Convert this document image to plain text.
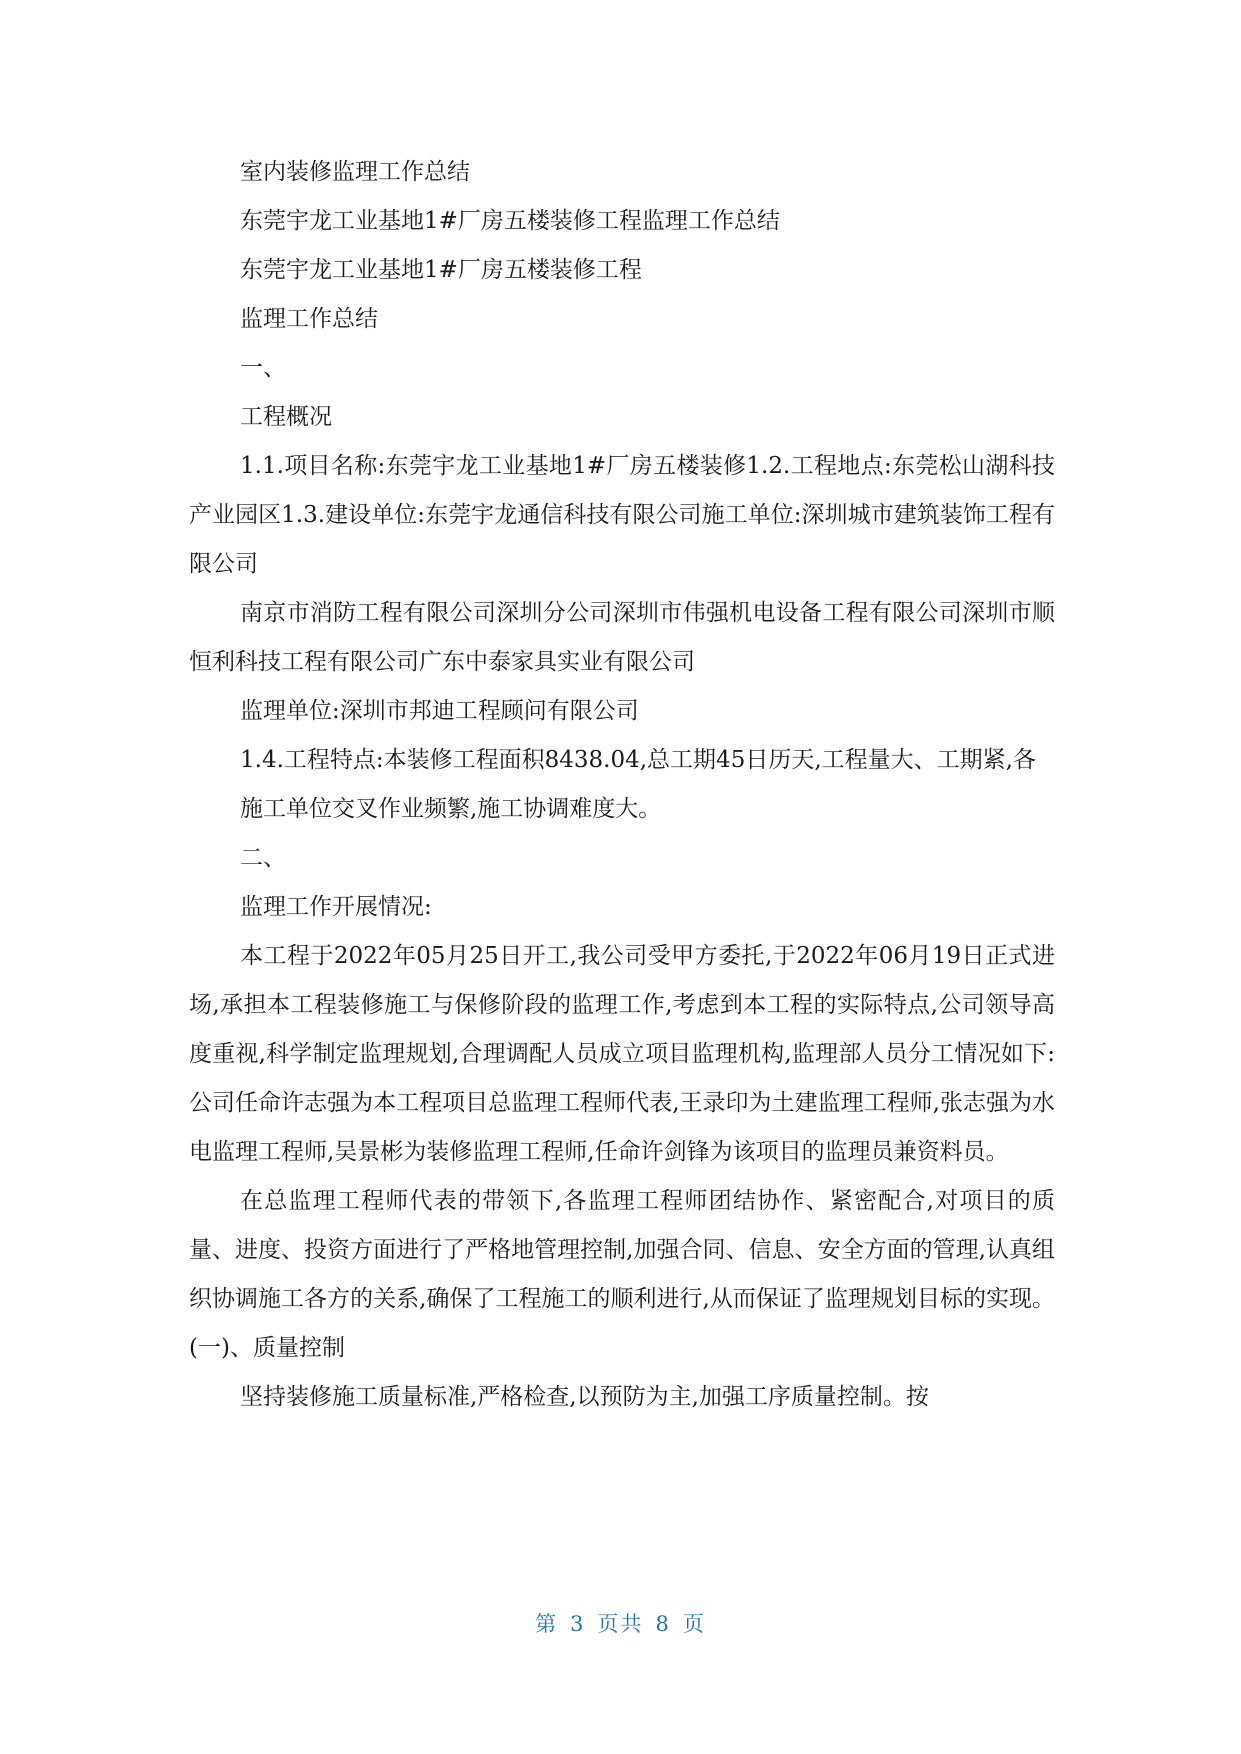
室内装修监理工作总结

东莞宇龙工业基地1#厂房五楼装修工程监理工作总结

东莞宇龙工业基地1#厂房五楼装修工程

监理工作总结

一、

工程概况

1.1.项目名称:东莞宇龙工业基地1#厂房五楼装修1.2.工程地点:东莞松山湖科技产业园区1.3.建设单位:东莞宇龙通信科技有限公司施工单位:深圳城市建筑装饰工程有限公司

南京市消防工程有限公司深圳分公司深圳市伟强机电设备工程有限公司深圳市顺恒利科技工程有限公司广东中泰家具实业有限公司

监理单位:深圳市邦迪工程顾问有限公司

1.4.工程特点:本装修工程面积8438.04,总工期45日历天,工程量大、工期紧,各

施工单位交叉作业频繁,施工协调难度大。

二、

监理工作开展情况:

本工程于2022年05月25日开工,我公司受甲方委托,于2022年06月19日正式进场,承担本工程装修施工与保修阶段的监理工作,考虑到本工程的实际特点,公司领导高度重视,科学制定监理规划,合理调配人员成立项目监理机构,监理部人员分工情况如下:公司任命许志强为本工程项目总监理工程师代表,王录印为土建监理工程师,张志强为水电监理工程师,吴景彬为装修监理工程师,任命许剑锋为该项目的监理员兼资料员。

在总监理工程师代表的带领下,各监理工程师团结协作、紧密配合,对项目的质量、进度、投资方面进行了严格地管理控制,加强合同、信息、安全方面的管理,认真组织协调施工各方的关系,确保了工程施工的顺利进行,从而保证了监理规划目标的实现。(一)、质量控制

坚持装修施工质量标准,严格检查,以预防为主,加强工序质量控制。按

第 3 页共 8 页
